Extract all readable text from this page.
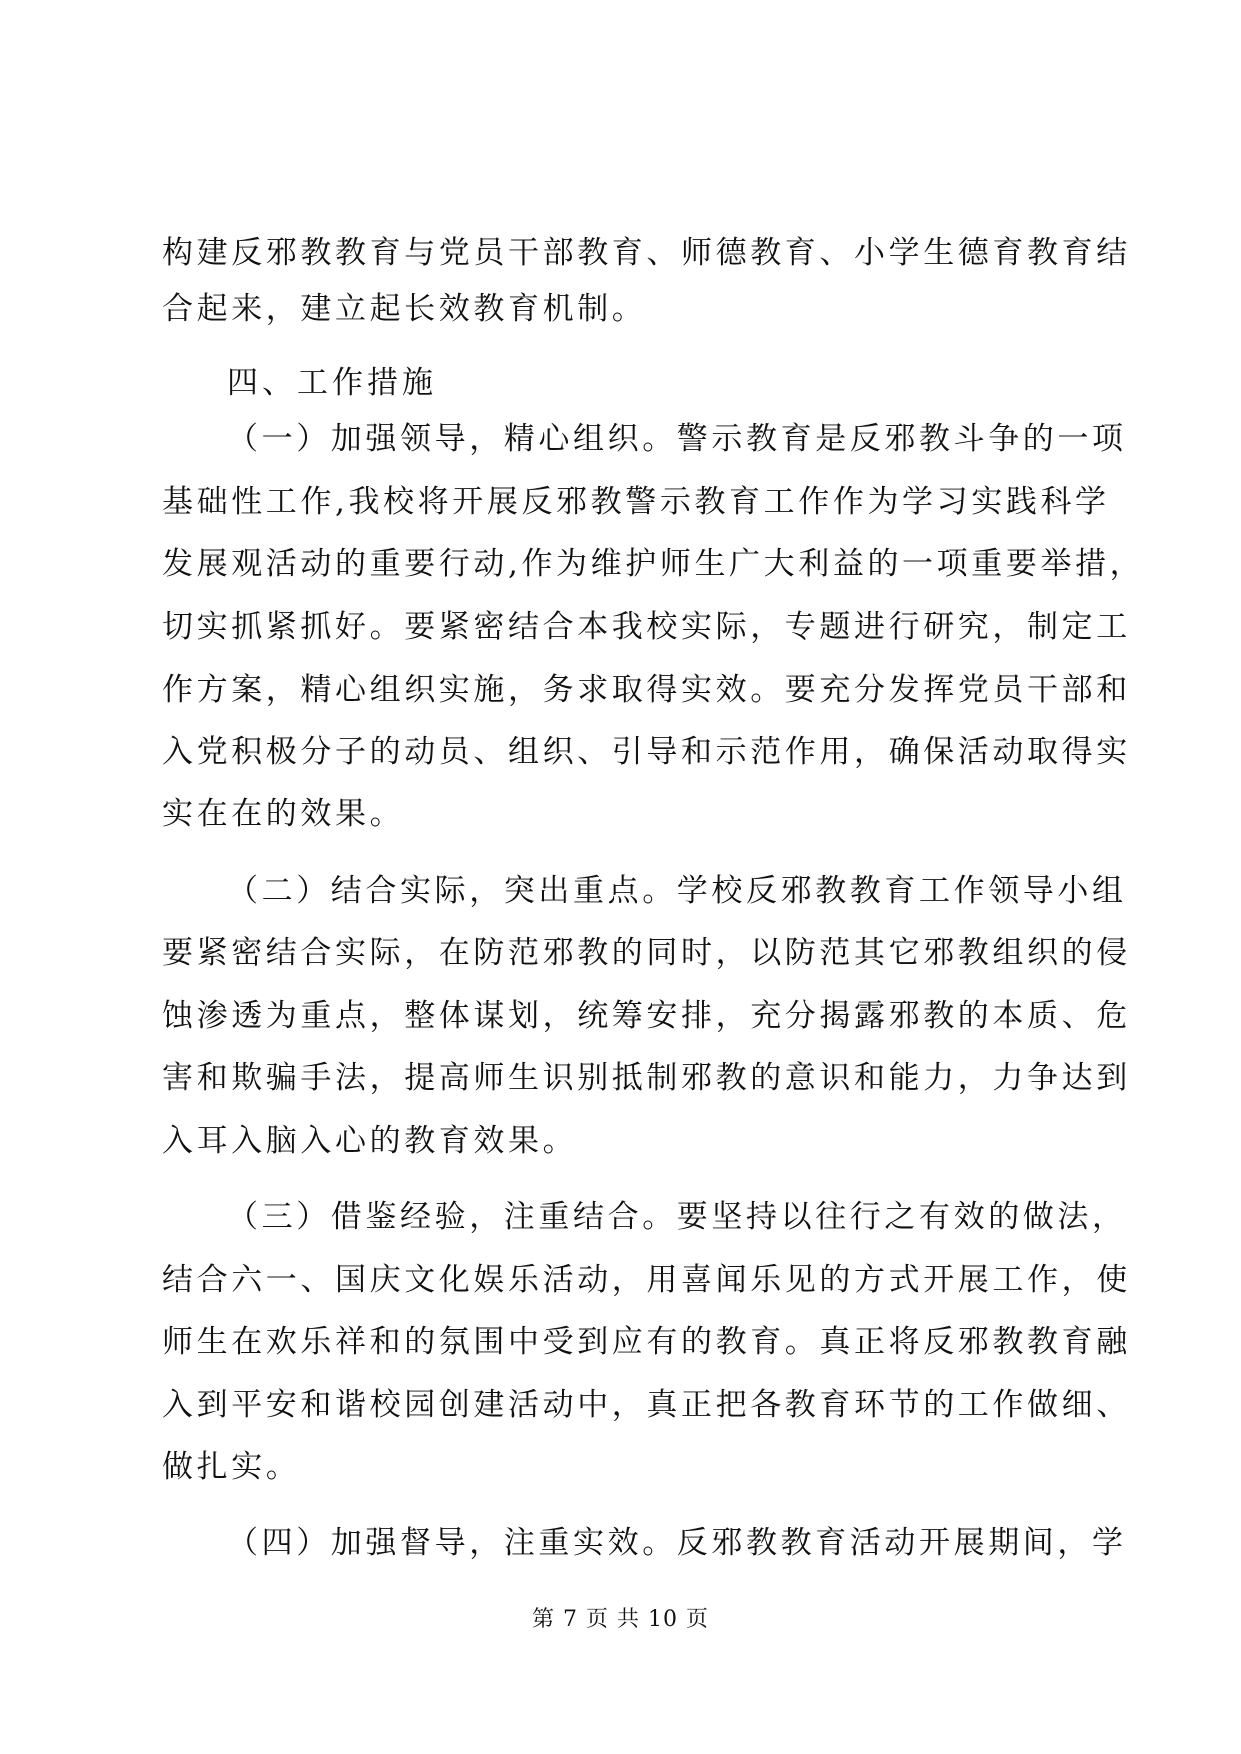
构建反邪教教育与党员干部教育、师德教育、小学生德育教育结
合起来，建立起长效教育机制。
四、工作措施
（一）加强领导，精心组织。警示教育是反邪教斗争的一项
基础性工作,我校将开展反邪教警示教育工作作为学习实践科学
发展观活动的重要行动,作为维护师生广大利益的一项重要举措，
切实抓紧抓好。要紧密结合本我校实际，专题进行研究，制定工
作方案，精心组织实施，务求取得实效。要充分发挥党员干部和
入党积极分子的动员、组织、引导和示范作用，确保活动取得实
实在在的效果。
（二）结合实际，突出重点。学校反邪教教育工作领导小组
要紧密结合实际，在防范邪教的同时，以防范其它邪教组织的侵
蚀渗透为重点，整体谋划，统筹安排，充分揭露邪教的本质、危
害和欺骗手法，提高师生识别抵制邪教的意识和能力，力争达到
入耳入脑入心的教育效果。
（三）借鉴经验，注重结合。要坚持以往行之有效的做法，
结合六一、国庆文化娱乐活动，用喜闻乐见的方式开展工作，使
师生在欢乐祥和的氛围中受到应有的教育。真正将反邪教教育融
入到平安和谐校园创建活动中，真正把各教育环节的工作做细、
做扎实。
（四）加强督导，注重实效。反邪教教育活动开展期间，学
第 7 页 共 10 页
